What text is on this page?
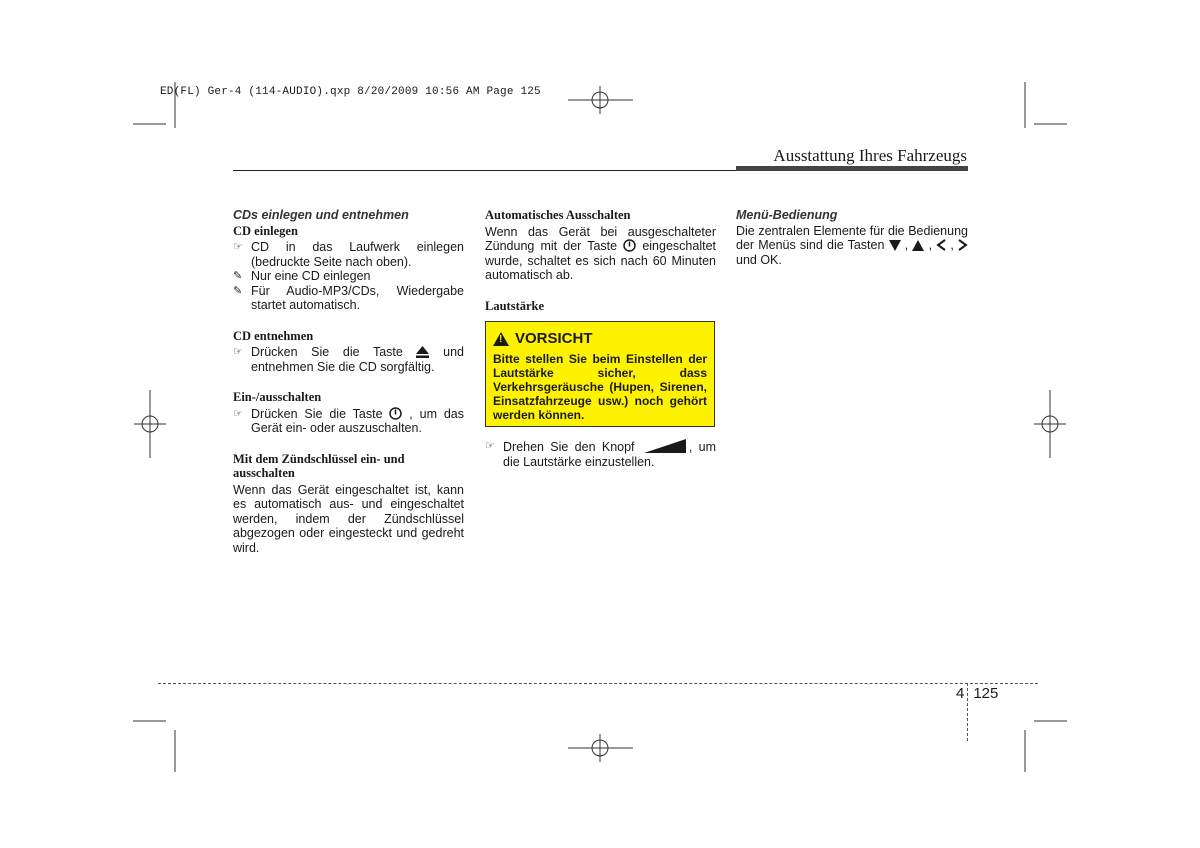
ED(FL) Ger-4 (114-AUDIO).qxp 8/20/2009 10:56 AM Page 125
Ausstattung Ihres Fahrzeugs
CDs einlegen und entnehmen
CD einlegen
☞ CD in das Laufwerk einlegen (bedruckte Seite nach oben).
✎ Nur eine CD einlegen
✎ Für Audio-MP3/CDs, Wiedergabe startet automatisch.
CD entnehmen
☞ Drücken Sie die Taste	und entnehmen Sie die CD sorgfältig.
Ein-/ausschalten
☞ Drücken Sie die Taste , um das Gerät ein- oder auszuschalten.
Mit dem Zündschlüssel ein- und ausschalten

Wenn das Gerät eingeschaltet ist, kann es automatisch aus- und eingeschaltet werden, indem der Zündschlüssel abgezogen oder eingesteckt und gedreht wird.

Automatisches Ausschalten

Wenn das Gerät bei ausgeschalteter Zündung mit der Taste eingeschaltet wurde, schaltet es sich nach 60 Minuten automatisch ab.

Lautstärke
! VORSICHT
Bitte stellen Sie beim Einstellen der Lautstärke sicher, dass Verkehrsgeräusche (Hupen, Sirenen, Einsatzfahrzeuge usw.) noch gehört werden können.
☞ Drehen Sie den Knopf	, um die Lautstärke einzustellen.
Menü-Bedienung

Die zentralen Elemente für die Bedienung der Menüs sind die Tasten  ,  ,  ,  und OK.

4 125
